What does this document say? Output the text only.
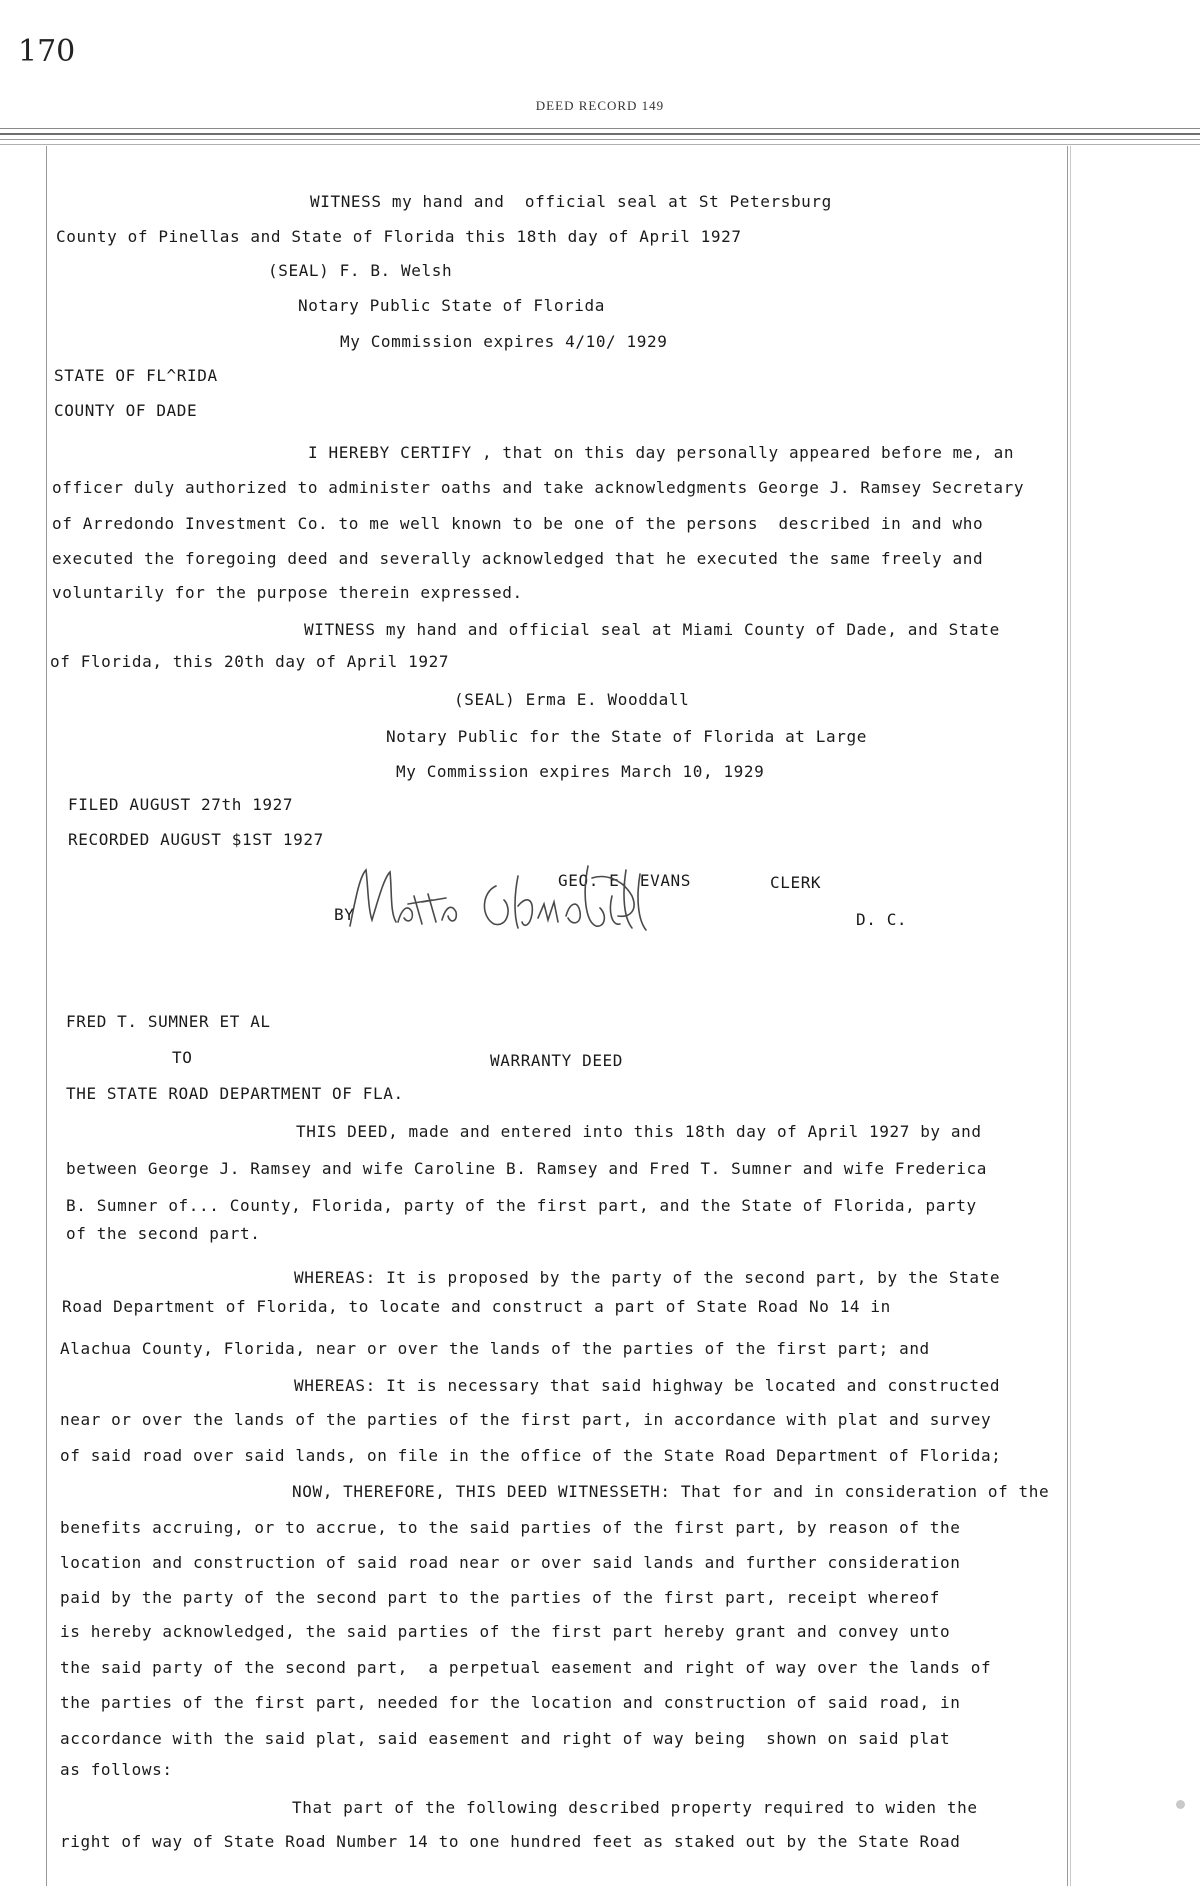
170
DEED RECORD 149
WITNESS my hand and  official seal at St Petersburg
County of Pinellas and State of Florida this 18th day of April 1927
(SEAL) F. B. Welsh
Notary Public State of Florida
My Commission expires 4/10/ 1929
STATE OF FL^RIDA
COUNTY OF DADE
I HEREBY CERTIFY , that on this day personally appeared before me, an
officer duly authorized to administer oaths and take acknowledgments George J. Ramsey Secretary
of Arredondo Investment Co. to me well known to be one of the persons  described in and who
executed the foregoing deed and severally acknowledged that he executed the same freely and
voluntarily for the purpose therein expressed.
WITNESS my hand and official seal at Miami County of Dade, and State
of Florida, this 20th day of April 1927
(SEAL) Erma E. Wooddall
Notary Public for the State of Florida at Large
My Commission expires March 10, 1929
FILED AUGUST 27th 1927
RECORDED AUGUST $1ST 1927
GEO. E. EVANS	CLERK
BY	D. C.
FRED T. SUMNER ET AL
TO	WARRANTY DEED
THE STATE ROAD DEPARTMENT OF FLA.
THIS DEED, made and entered into this 18th day of April 1927 by and
between George J. Ramsey and wife Caroline B. Ramsey and Fred T. Sumner and wife Frederica
B. Sumner of... County, Florida, party of the first part, and the State of Florida, party
of the second part.
WHEREAS: It is proposed by the party of the second part, by the State
Road Department of Florida, to locate and construct a part of State Road No 14 in
Alachua County, Florida, near or over the lands of the parties of the first part; and
WHEREAS: It is necessary that said highway be located and constructed
near or over the lands of the parties of the first part, in accordance with plat and survey
of said road over said lands, on file in the office of the State Road Department of Florida;
NOW, THEREFORE, THIS DEED WITNESSETH: That for and in consideration of the
benefits accruing, or to accrue, to the said parties of the first part, by reason of the
location and construction of said road near or over said lands and further consideration
paid by the party of the second part to the parties of the first part, receipt whereof
is hereby acknowledged, the said parties of the first part hereby grant and convey unto
the said party of the second part,  a perpetual easement and right of way over the lands of
the parties of the first part, needed for the location and construction of said road, in
accordance with the said plat, said easement and right of way being  shown on said plat
as follows:
That part of the following described property required to widen the
right of way of State Road Number 14 to one hundred feet as staked out by the State Road
